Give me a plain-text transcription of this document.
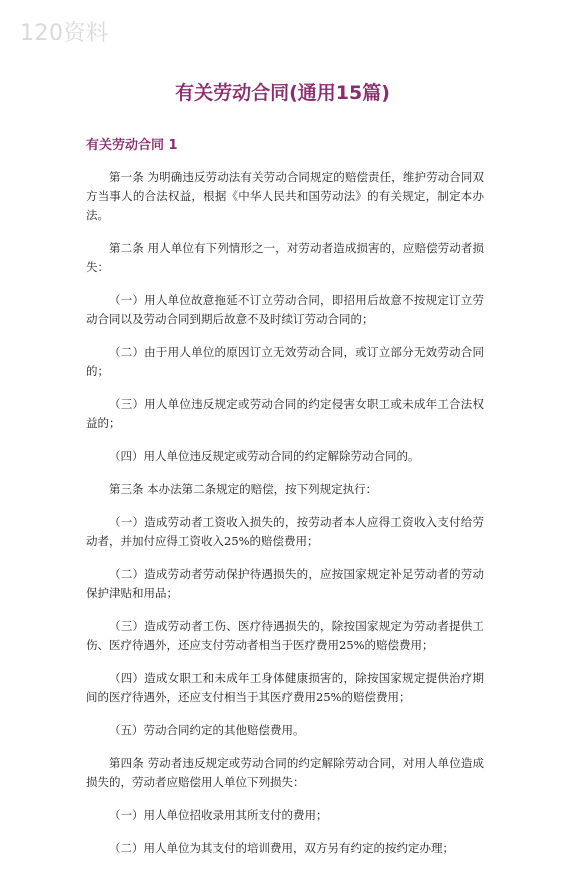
120资料
有关劳动合同(通用15篇)
有关劳动合同 1

第一条 为明确违反劳动法有关劳动合同规定的赔偿责任，维护劳动合同双方当事人的合法权益，根据《中华人民共和国劳动法》的有关规定，制定本办法。

第二条 用人单位有下列情形之一，对劳动者造成损害的，应赔偿劳动者损失：

（一）用人单位故意拖延不订立劳动合同，即招用后故意不按规定订立劳动合同以及劳动合同到期后故意不及时续订劳动合同的；

（二）由于用人单位的原因订立无效劳动合同，或订立部分无效劳动合同的；

（三）用人单位违反规定或劳动合同的约定侵害女职工或未成年工合法权益的；

（四）用人单位违反规定或劳动合同的约定解除劳动合同的。

第三条 本办法第二条规定的赔偿，按下列规定执行：

（一）造成劳动者工资收入损失的，按劳动者本人应得工资收入支付给劳动者，并加付应得工资收入25%的赔偿费用；

（二）造成劳动者劳动保护待遇损失的，应按国家规定补足劳动者的劳动保护津贴和用品；

（三）造成劳动者工伤、医疗待遇损失的，除按国家规定为劳动者提供工伤、医疗待遇外，还应支付劳动者相当于医疗费用25%的赔偿费用；

（四）造成女职工和未成年工身体健康损害的，除按国家规定提供治疗期间的医疗待遇外，还应支付相当于其医疗费用25%的赔偿费用；

（五）劳动合同约定的其他赔偿费用。

第四条 劳动者违反规定或劳动合同的约定解除劳动合同，对用人单位造成损失的，劳动者应赔偿用人单位下列损失：

（一）用人单位招收录用其所支付的费用；

（二）用人单位为其支付的培训费用，双方另有约定的按约定办理；
